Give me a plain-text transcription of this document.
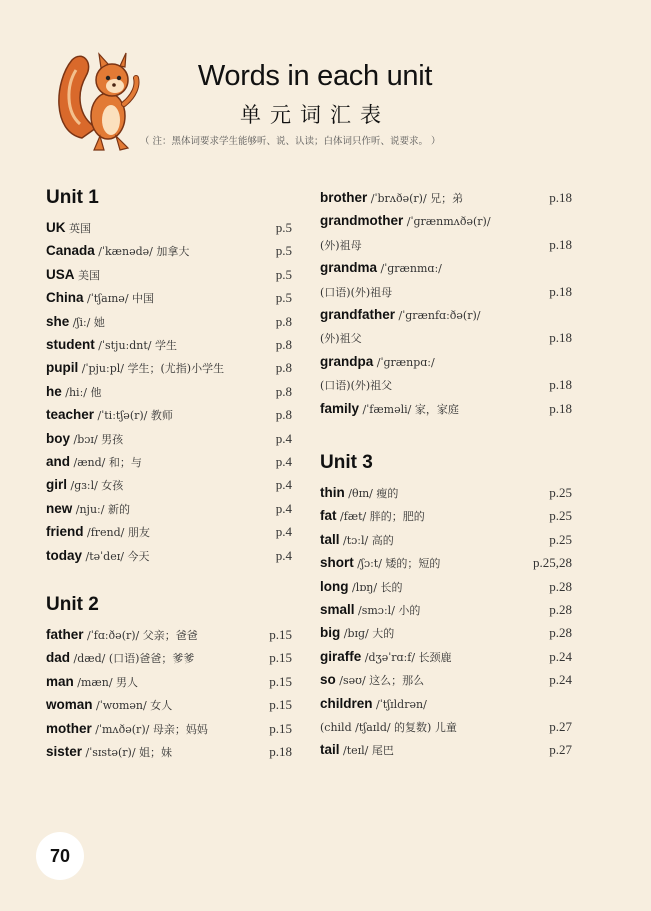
Words in each unit
单元词汇表
（ 注：黑体词要求学生能够听、说、认读；白体词只作听、说要求。 ）
Unit 1
UK 英国	p.5
Canada /ˈkænədə/ 加拿大	p.5
USA 美国	p.5
China /ˈtʃaɪnə/ 中国	p.5
she /ʃiː/ 她	p.8
student /ˈstjuːdnt/ 学生	p.8
pupil /ˈpjuːpl/ 学生；(尤指)小学生	p.8
he /hiː/ 他	p.8
teacher /ˈtiːtʃə(r)/ 教师	p.8
boy /bɔɪ/ 男孩	p.4
and /ænd/ 和；与	p.4
girl /ɡɜːl/ 女孩	p.4
new /njuː/ 新的	p.4
friend /frend/ 朋友	p.4
today /təˈdeɪ/ 今天	p.4
Unit 2
father /ˈfɑːðə(r)/ 父亲；爸爸	p.15
dad /dæd/ (口语)爸爸；爹爹	p.15
man /mæn/ 男人	p.15
woman /ˈwʊmən/ 女人	p.15
mother /ˈmʌðə(r)/ 母亲；妈妈	p.15
sister /ˈsɪstə(r)/ 姐；妹	p.18
brother /ˈbrʌðə(r)/ 兄；弟	p.18
grandmother /ˈɡrænmʌðə(r)/
(外)祖母	p.18
grandma /ˈɡrænmɑː/
(口语)(外)祖母	p.18
grandfather /ˈɡrænfɑːðə(r)/
(外)祖父	p.18
grandpa /ˈɡrænpɑː/
(口语)(外)祖父	p.18
family /ˈfæməli/ 家，家庭	p.18
Unit 3
thin /θɪn/ 瘦的	p.25
fat /fæt/ 胖的；肥的	p.25
tall /tɔːl/ 高的	p.25
short /ʃɔːt/ 矮的；短的	p.25,28
long /lɒŋ/ 长的	p.28
small /smɔːl/ 小的	p.28
big /bɪɡ/ 大的	p.28
giraffe /dʒəˈrɑːf/ 长颈鹿	p.24
so /səʊ/ 这么；那么	p.24
children /ˈtʃɪldrən/
(child /tʃaɪld/ 的复数) 儿童	p.27
tail /teɪl/ 尾巴	p.27
70
